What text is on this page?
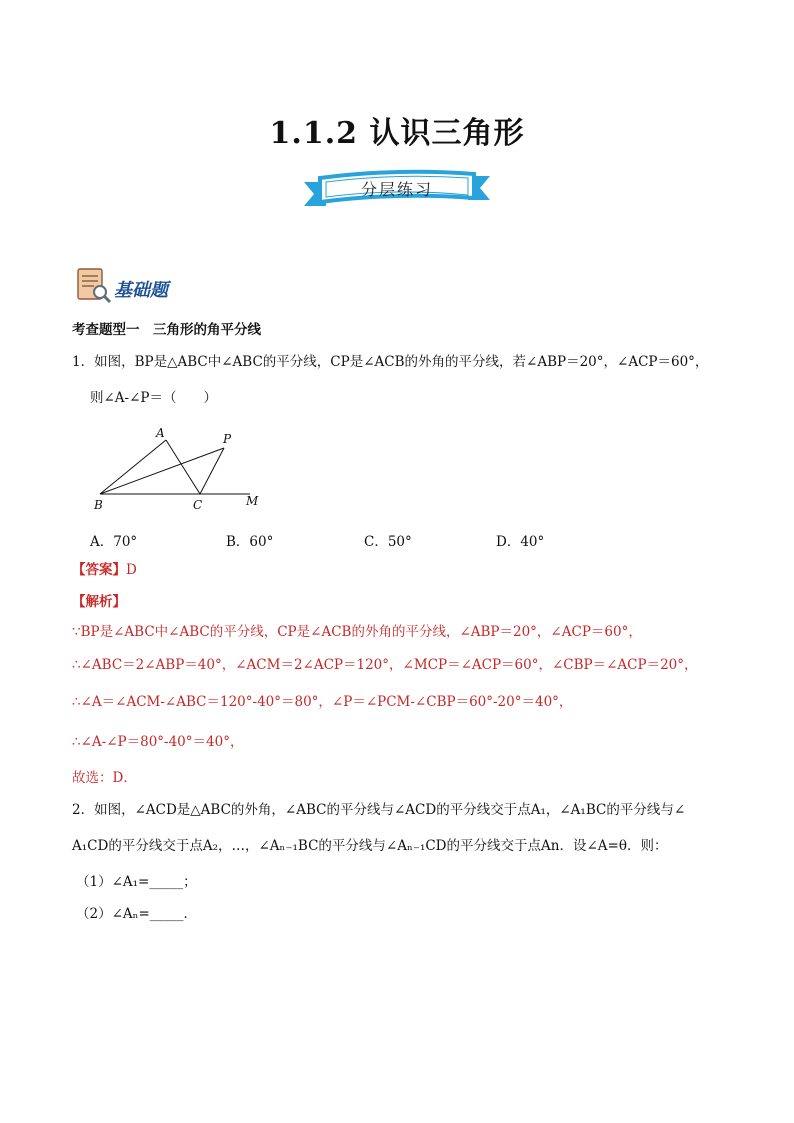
1.1.2 认识三角形
分层练习
基础题
考查题型一　三角形的角平分线
1．如图，BP是△ABC中∠ABC的平分线，CP是∠ACB的外角的平分线，若∠ABP＝20°，∠ACP＝60°，
则∠A-∠P＝（　　）
A	P
B	C	M
A．70°	B．60°	C．50°	D．40°
【答案】D
【解析】
∵BP是∠ABC中∠ABC的平分线，CP是∠ACB的外角的平分线，∠ABP＝20°，∠ACP＝60°，
∴∠ABC＝2∠ABP＝40°，∠ACM＝2∠ACP＝120°，∠MCP＝∠ACP＝60°，∠CBP＝∠ACP＝20°，
∴∠A＝∠ACM-∠ABC＝120°-40°＝80°，∠P＝∠PCM-∠CBP＝60°-20°＝40°，
∴∠A-∠P＝80°-40°＝40°，
故选：D．
2．如图，∠ACD是△ABC的外角，∠ABC的平分线与∠ACD的平分线交于点A₁，∠A₁BC的平分线与∠
A₁CD的平分线交于点A₂，…，∠Aₙ₋₁BC的平分线与∠Aₙ₋₁CD的平分线交于点An．设∠A=θ．则：
（1）∠A₁=_____；
（2）∠Aₙ=_____．
